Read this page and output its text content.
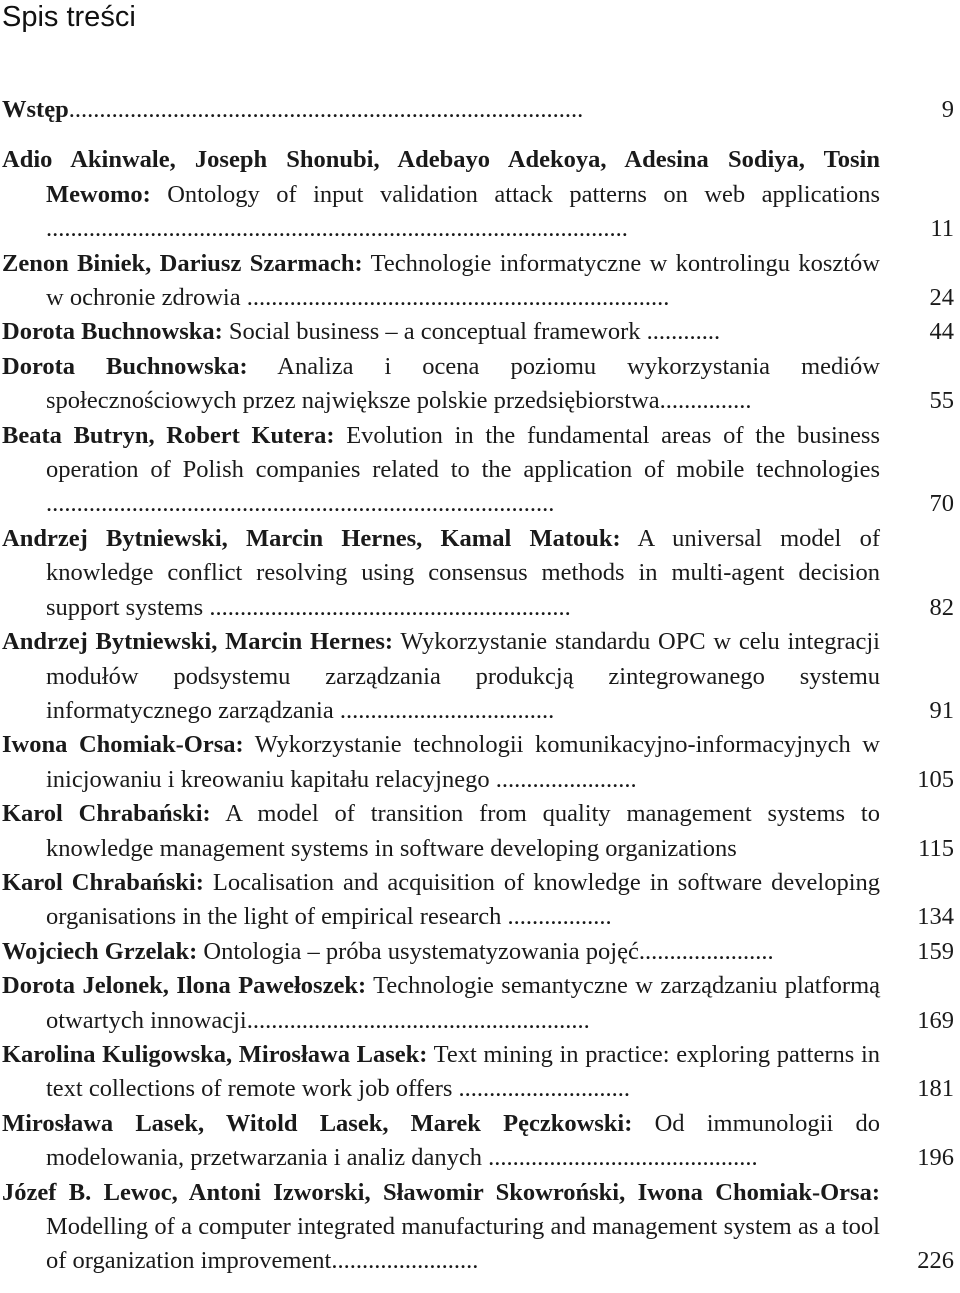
Spis treści
Wstęp....................................................................................	9
Adio Akinwale, Joseph Shonubi, Adebayo Adekoya, Adesina Sodiya, Tosin Mewomo: Ontology of input validation attack patterns on web applications ...............................................................................................	11
Zenon Biniek, Dariusz Szarmach: Technologie informatyczne w kontrolingu kosztów w ochronie zdrowia .....................................................................	24
Dorota Buchnowska: Social business – a conceptual framework ............	44
Dorota Buchnowska: Analiza i ocena poziomu wykorzystania mediów społecznościowych przez największe polskie przedsiębiorstwa...............	55
Beata Butryn, Robert Kutera: Evolution in the fundamental areas of the business operation of Polish companies related to the application of mobile technologies ...................................................................................	70
Andrzej Bytniewski, Marcin Hernes, Kamal Matouk: A universal model of knowledge conflict resolving using consensus methods in multi-agent decision support systems ...........................................................	82
Andrzej Bytniewski, Marcin Hernes: Wykorzystanie standardu OPC w celu integracji modułów podsystemu zarządzania produkcją zintegrowanego systemu informatycznego zarządzania ...................................	91
Iwona Chomiak-Orsa: Wykorzystanie technologii komunikacyjno-informacyjnych w inicjowaniu i kreowaniu kapitału relacyjnego .......................	105
Karol Chrabański: A model of transition from quality management systems to knowledge management systems in software developing organizations	115
Karol Chrabański: Localisation and acquisition of knowledge in software developing organisations in the light of empirical research .................	134
Wojciech Grzelak: Ontologia – próba usystematyzowania pojęć......................	159
Dorota Jelonek, Ilona Pawełoszek: Technologie semantyczne w zarządzaniu platformą otwartych innowacji........................................................	169
Karolina Kuligowska, Mirosława Lasek: Text mining in practice: exploring patterns in text collections of remote work job offers ............................	181
Mirosława Lasek, Witold Lasek, Marek Pęczkowski: Od immunologii do modelowania, przetwarzania i analiz danych ............................................	196
Józef B. Lewoc, Antoni Izworski, Sławomir Skowroński, Iwona Chomiak-Orsa: Modelling of a computer integrated manufacturing and management system as a tool of organization improvement........................	226
